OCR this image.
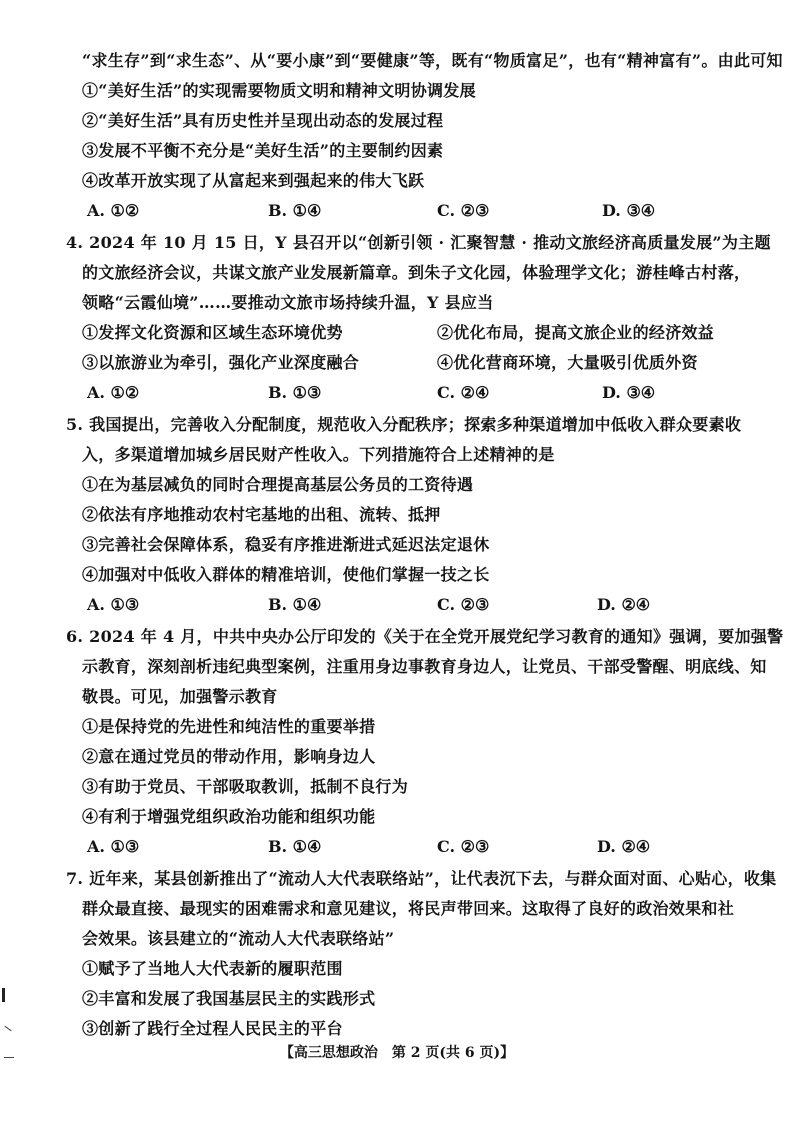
“求生存”到“求生态”、从“要小康”到“要健康”等，既有“物质富足”，也有“精神富有”。由此可知
①“美好生活”的实现需要物质文明和精神文明协调发展
②“美好生活”具有历史性并呈现出动态的发展过程
③发展不平衡不充分是“美好生活”的主要制约因素
④改革开放实现了从富起来到强起来的伟大飞跃
A. ①②	B. ①④	C. ②③	D. ③④
4. 2024 年 10 月 15 日，Y 县召开以“创新引领 · 汇聚智慧 · 推动文旅经济高质量发展”为主题
的文旅经济会议，共谋文旅产业发展新篇章。到朱子文化园，体验理学文化；游桂峰古村落，
领略“云霞仙境”……要推动文旅市场持续升温，Y 县应当
①发挥文化资源和区域生态环境优势	②优化布局，提高文旅企业的经济效益
③以旅游业为牵引，强化产业深度融合	④优化营商环境，大量吸引优质外资
A. ①②	B. ①③	C. ②④	D. ③④
5. 我国提出，完善收入分配制度，规范收入分配秩序；探索多种渠道增加中低收入群众要素收
入，多渠道增加城乡居民财产性收入。下列措施符合上述精神的是
①在为基层减负的同时合理提高基层公务员的工资待遇
②依法有序地推动农村宅基地的出租、流转、抵押
③完善社会保障体系，稳妥有序推进渐进式延迟法定退休
④加强对中低收入群体的精准培训，使他们掌握一技之长
A. ①③	B. ①④	C. ②③	D. ②④
6. 2024 年 4 月，中共中央办公厅印发的《关于在全党开展党纪学习教育的通知》强调，要加强警
示教育，深刻剖析违纪典型案例，注重用身边事教育身边人，让党员、干部受警醒、明底线、知
敬畏。可见，加强警示教育
①是保持党的先进性和纯洁性的重要举措
②意在通过党员的带动作用，影响身边人
③有助于党员、干部吸取教训，抵制不良行为
④有利于增强党组织政治功能和组织功能
A. ①③	B. ①④	C. ②③	D. ②④
7. 近年来，某县创新推出了“流动人大代表联络站”，让代表沉下去，与群众面对面、心贴心，收集
群众最直接、最现实的困难需求和意见建议，将民声带回来。这取得了良好的政治效果和社
会效果。该县建立的“流动人大代表联络站”
①赋予了当地人大代表新的履职范围
②丰富和发展了我国基层民主的实践形式
③创新了践行全过程人民民主的平台
【高三思想政治　第 2 页(共 6 页)】
